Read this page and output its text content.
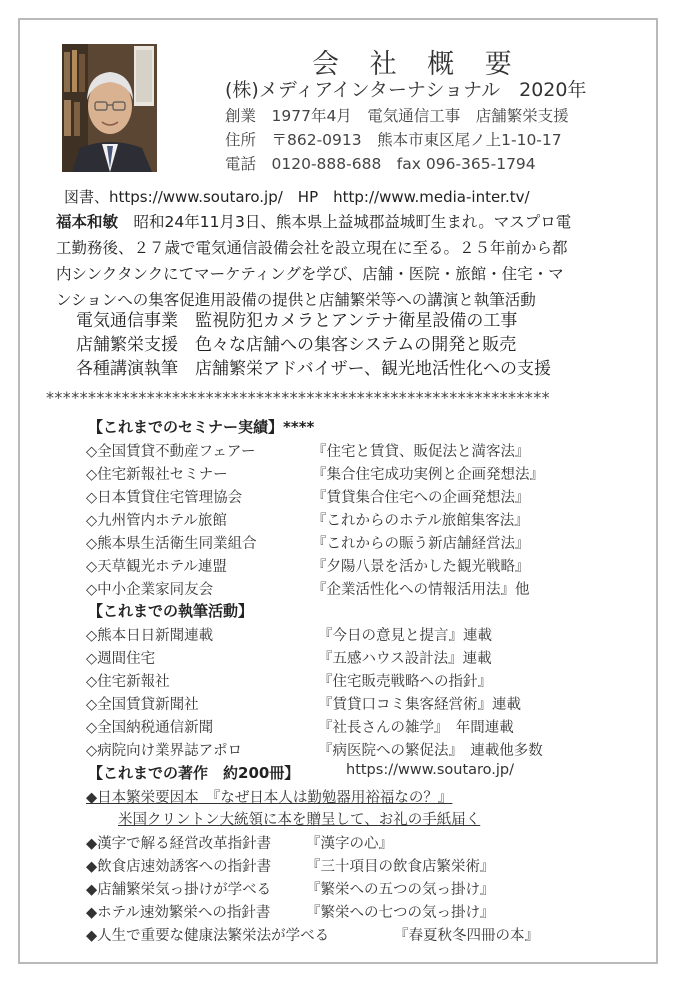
会 社 概 要
(株)メディアインターナショナル　2020年
創業　1977年4月　電気通信工事　店舗繁栄支援
住所　〒862-0913　熊本市東区尾ノ上1-10-17
電話　0120-888-688　fax 096-365-1794
図書、https://www.soutaro.jp/　HP　http://www.media-inter.tv/
福本和敏　昭和24年11月3日、熊本県上益城郡益城町生まれ。マスプロ電
工勤務後、２７歳で電気通信設備会社を設立現在に至る。２５年前から都
内シンクタンクにてマーケティングを学び、店舗・医院・旅館・住宅・マ
ンションへの集客促進用設備の提供と店舗繁栄等への講演と執筆活動
電気通信事業　監視防犯カメラとアンテナ衛星設備の工事
店舗繁栄支援　色々な店舗への集客システムの開発と販売
各種講演執筆　店舗繁栄アドバイザー、観光地活性化への支援
************************************************************
【これまでのセミナー実績】****
◇全国賃貸不動産フェアー	『住宅と賃貸、販促法と満客法』
◇住宅新報社セミナー	『集合住宅成功実例と企画発想法』
◇日本賃貸住宅管理協会	『賃貸集合住宅への企画発想法』
◇九州管内ホテル旅館	『これからのホテル旅館集客法』
◇熊本県生活衛生同業組合	『これからの賑う新店舗経営法』
◇天草観光ホテル連盟	『夕陽八景を活かした観光戦略』
◇中小企業家同友会	『企業活性化への情報活用法』他
【これまでの執筆活動】
◇熊本日日新聞連載	『今日の意見と提言』連載
◇週間住宅	『五感ハウス設計法』連載
◇住宅新報社	『住宅販売戦略への指針』
◇全国賃貸新聞社	『賃貸口コミ集客経営術』連載
◇全国納税通信新聞	『社長さんの雑学』　年間連載
◇病院向け業界誌アポロ	『病医院への繁促法』　連載他多数
【これまでの著作　約200冊】	https://www.soutaro.jp/
◆日本繁栄要因本　『なぜ日本人は勤勉器用裕福なの？』
米国クリントン大統領に本を贈呈して、お礼の手紙届く
◆漢字で解る経営改革指針書 『漢字の心』
◆飲食店速効誘客への指針書 『三十項目の飲食店繁栄術』
◆店舗繁栄気っ掛けが学べる 『繁栄への五つの気っ掛け』
◆ホテル速効繁栄への指針書 『繁栄への七つの気っ掛け』
◆人生で重要な健康法繁栄法が学べる	『春夏秋冬四冊の本』
